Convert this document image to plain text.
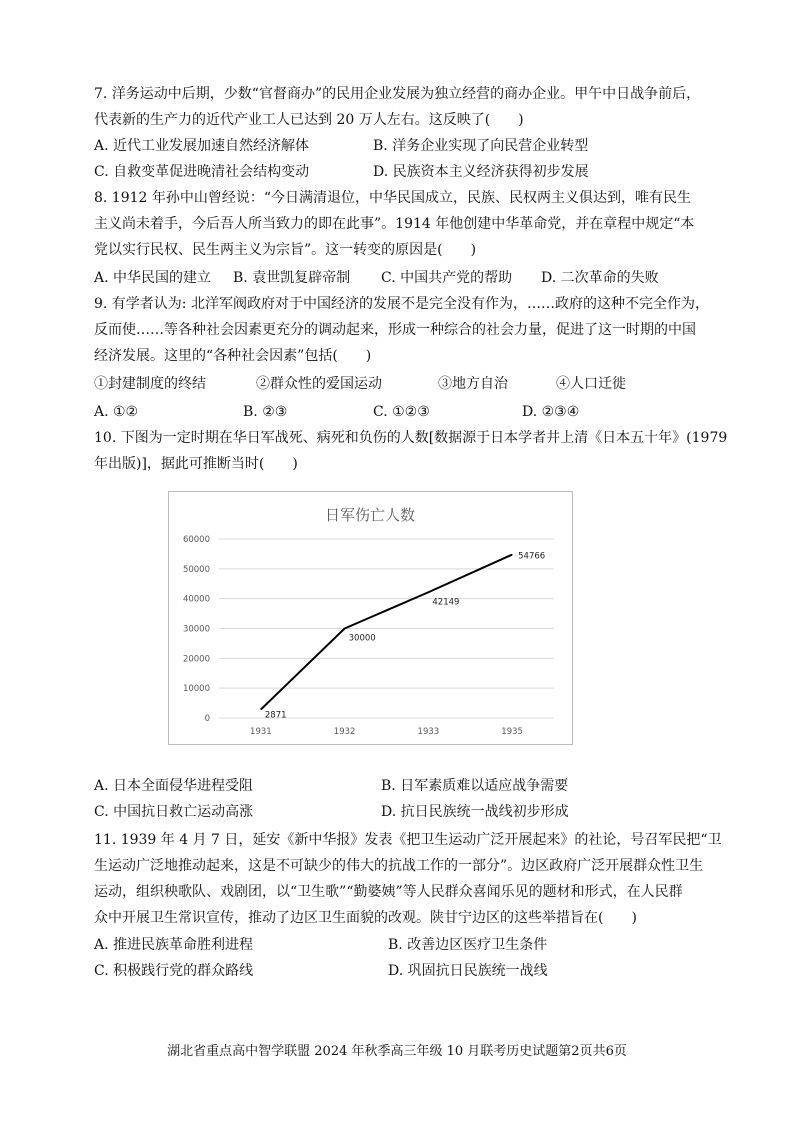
7. 洋务运动中后期，少数“官督商办”的民用企业发展为独立经营的商办企业。甲午中日战争前后，
代表新的生产力的近代产业工人已达到 20 万人左右。这反映了(　　)
A. 近代工业发展加速自然经济解体	B. 洋务企业实现了向民营企业转型
C. 自救变革促进晚清社会结构变动	D. 民族资本主义经济获得初步发展
8. 1912 年孙中山曾经说：“今日满清退位，中华民国成立，民族、民权两主义俱达到，唯有民生
主义尚未着手，今后吾人所当致力的即在此事”。1914 年他创建中华革命党，并在章程中规定“本
党以实行民权、民生两主义为宗旨”。这一转变的原因是(　　)
A. 中华民国的建立 B. 袁世凯复辟帝制 C. 中国共产党的帮助 D. 二次革命的失败
9. 有学者认为: 北洋军阀政府对于中国经济的发展不是完全没有作为，……政府的这种不完全作为，
反而使……等各种社会因素更充分的调动起来，形成一种综合的社会力量，促进了这一时期的中国
经济发展。这里的“各种社会因素”包括(　　)
①封建制度的终结	②群众性的爱国运动	③地方自治	④人口迁徙
A. ①②	B. ②③	C. ①②③	D. ②③④
10. 下图为一定时期在华日军战死、病死和负伤的人数[数据源于日本学者井上清《日本五十年》(1979
年出版)]，据此可推断当时(　　)
日军伤亡人数
0
10000
20000
30000
40000
50000
60000
1931	1932	1933	1935
2871
30000
42149
54766
A. 日本全面侵华进程受阻	B. 日军素质难以适应战争需要
C. 中国抗日救亡运动高涨	D. 抗日民族统一战线初步形成
11. 1939 年 4 月 7 日，延安《新中华报》发表《把卫生运动广泛开展起来》的社论，号召军民把“卫
生运动广泛地推动起来，这是不可缺少的伟大的抗战工作的一部分”。边区政府广泛开展群众性卫生
运动，组织秧歌队、戏剧团，以“卫生歌”“勤婆姨”等人民群众喜闻乐见的题材和形式，在人民群
众中开展卫生常识宣传，推动了边区卫生面貌的改观。陕甘宁边区的这些举措旨在(　　)
A. 推进民族革命胜利进程	B. 改善边区医疗卫生条件
C. 积极践行党的群众路线	D. 巩固抗日民族统一战线
湖北省重点高中智学联盟 2024 年秋季高三年级 10 月联考历史试题第2页共6页
